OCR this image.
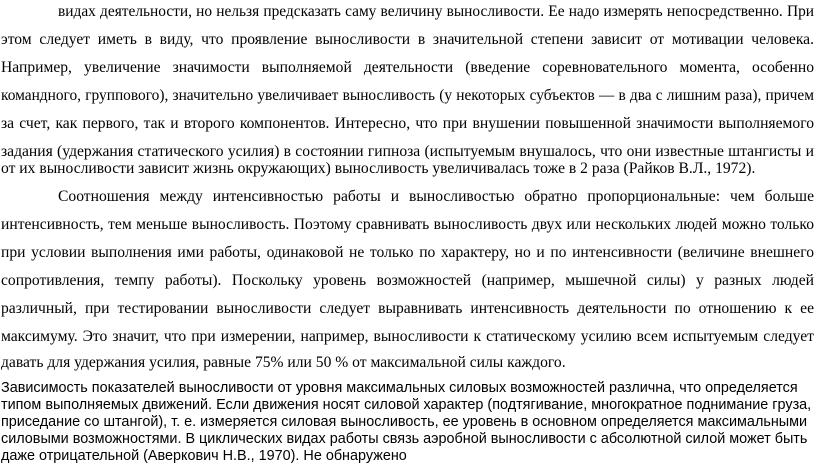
видах деятельности, но нельзя предсказать саму величину выносливости. Ее надо измерять непосредственно. При

этом следует иметь в виду, что проявление выносливости в значительной степени зависит от мотивации человека.

Например, увеличение значимости выполняемой деятельности (введение соревновательного момента, особенно

командного, группового), значительно увеличивает выносливость (у некоторых субъектов — в два с лишним раза), причем

за счет, как первого, так и второго компонентов. Интересно, что при внушении повышенной значимости выполняемого

задания (удержания статического усилия) в состоянии гипноза (испытуемым внушалось, что они известные штангисты и

от их выносливости зависит жизнь окружающих) выносливость увеличивалась тоже в 2 раза (Райков В.Л., 1972).

Соотношения между интенсивностью работы и выносливостью обратно пропорциональные: чем больше

интенсивность, тем меньше выносливость. Поэтому сравнивать выносливость двух или нескольких людей можно только

при условии выполнения ими работы, одинаковой не только по характеру, но и по интенсивности (величине внешнего

сопротивления, темпу работы). Поскольку уровень возможностей (например, мышечной силы) у разных людей

различный, при тестировании выносливости следует выравнивать интенсивность деятельности по отношению к ее

максимуму. Это значит, что при измерении, например, выносливости к статическому усилию всем испытуемым следует

давать для удержания усилия, равные 75% или 50 % от максимальной силы каждого.

Зависимость показателей выносливости от уровня максимальных силовых возможностей различна, что определяется

типом выполняемых движений. Если движения носят силовой характер (подтягивание, многократное поднимание груза,

приседание со штангой), т. е. измеряется силовая выносливость, ее уровень в основном определяется максимальными

силовыми возможностями. В циклических видах работы связь аэробной выносливости с абсолютной силой может быть

даже отрицательной (Аверкович Н.В., 1970). Не обнаружено
